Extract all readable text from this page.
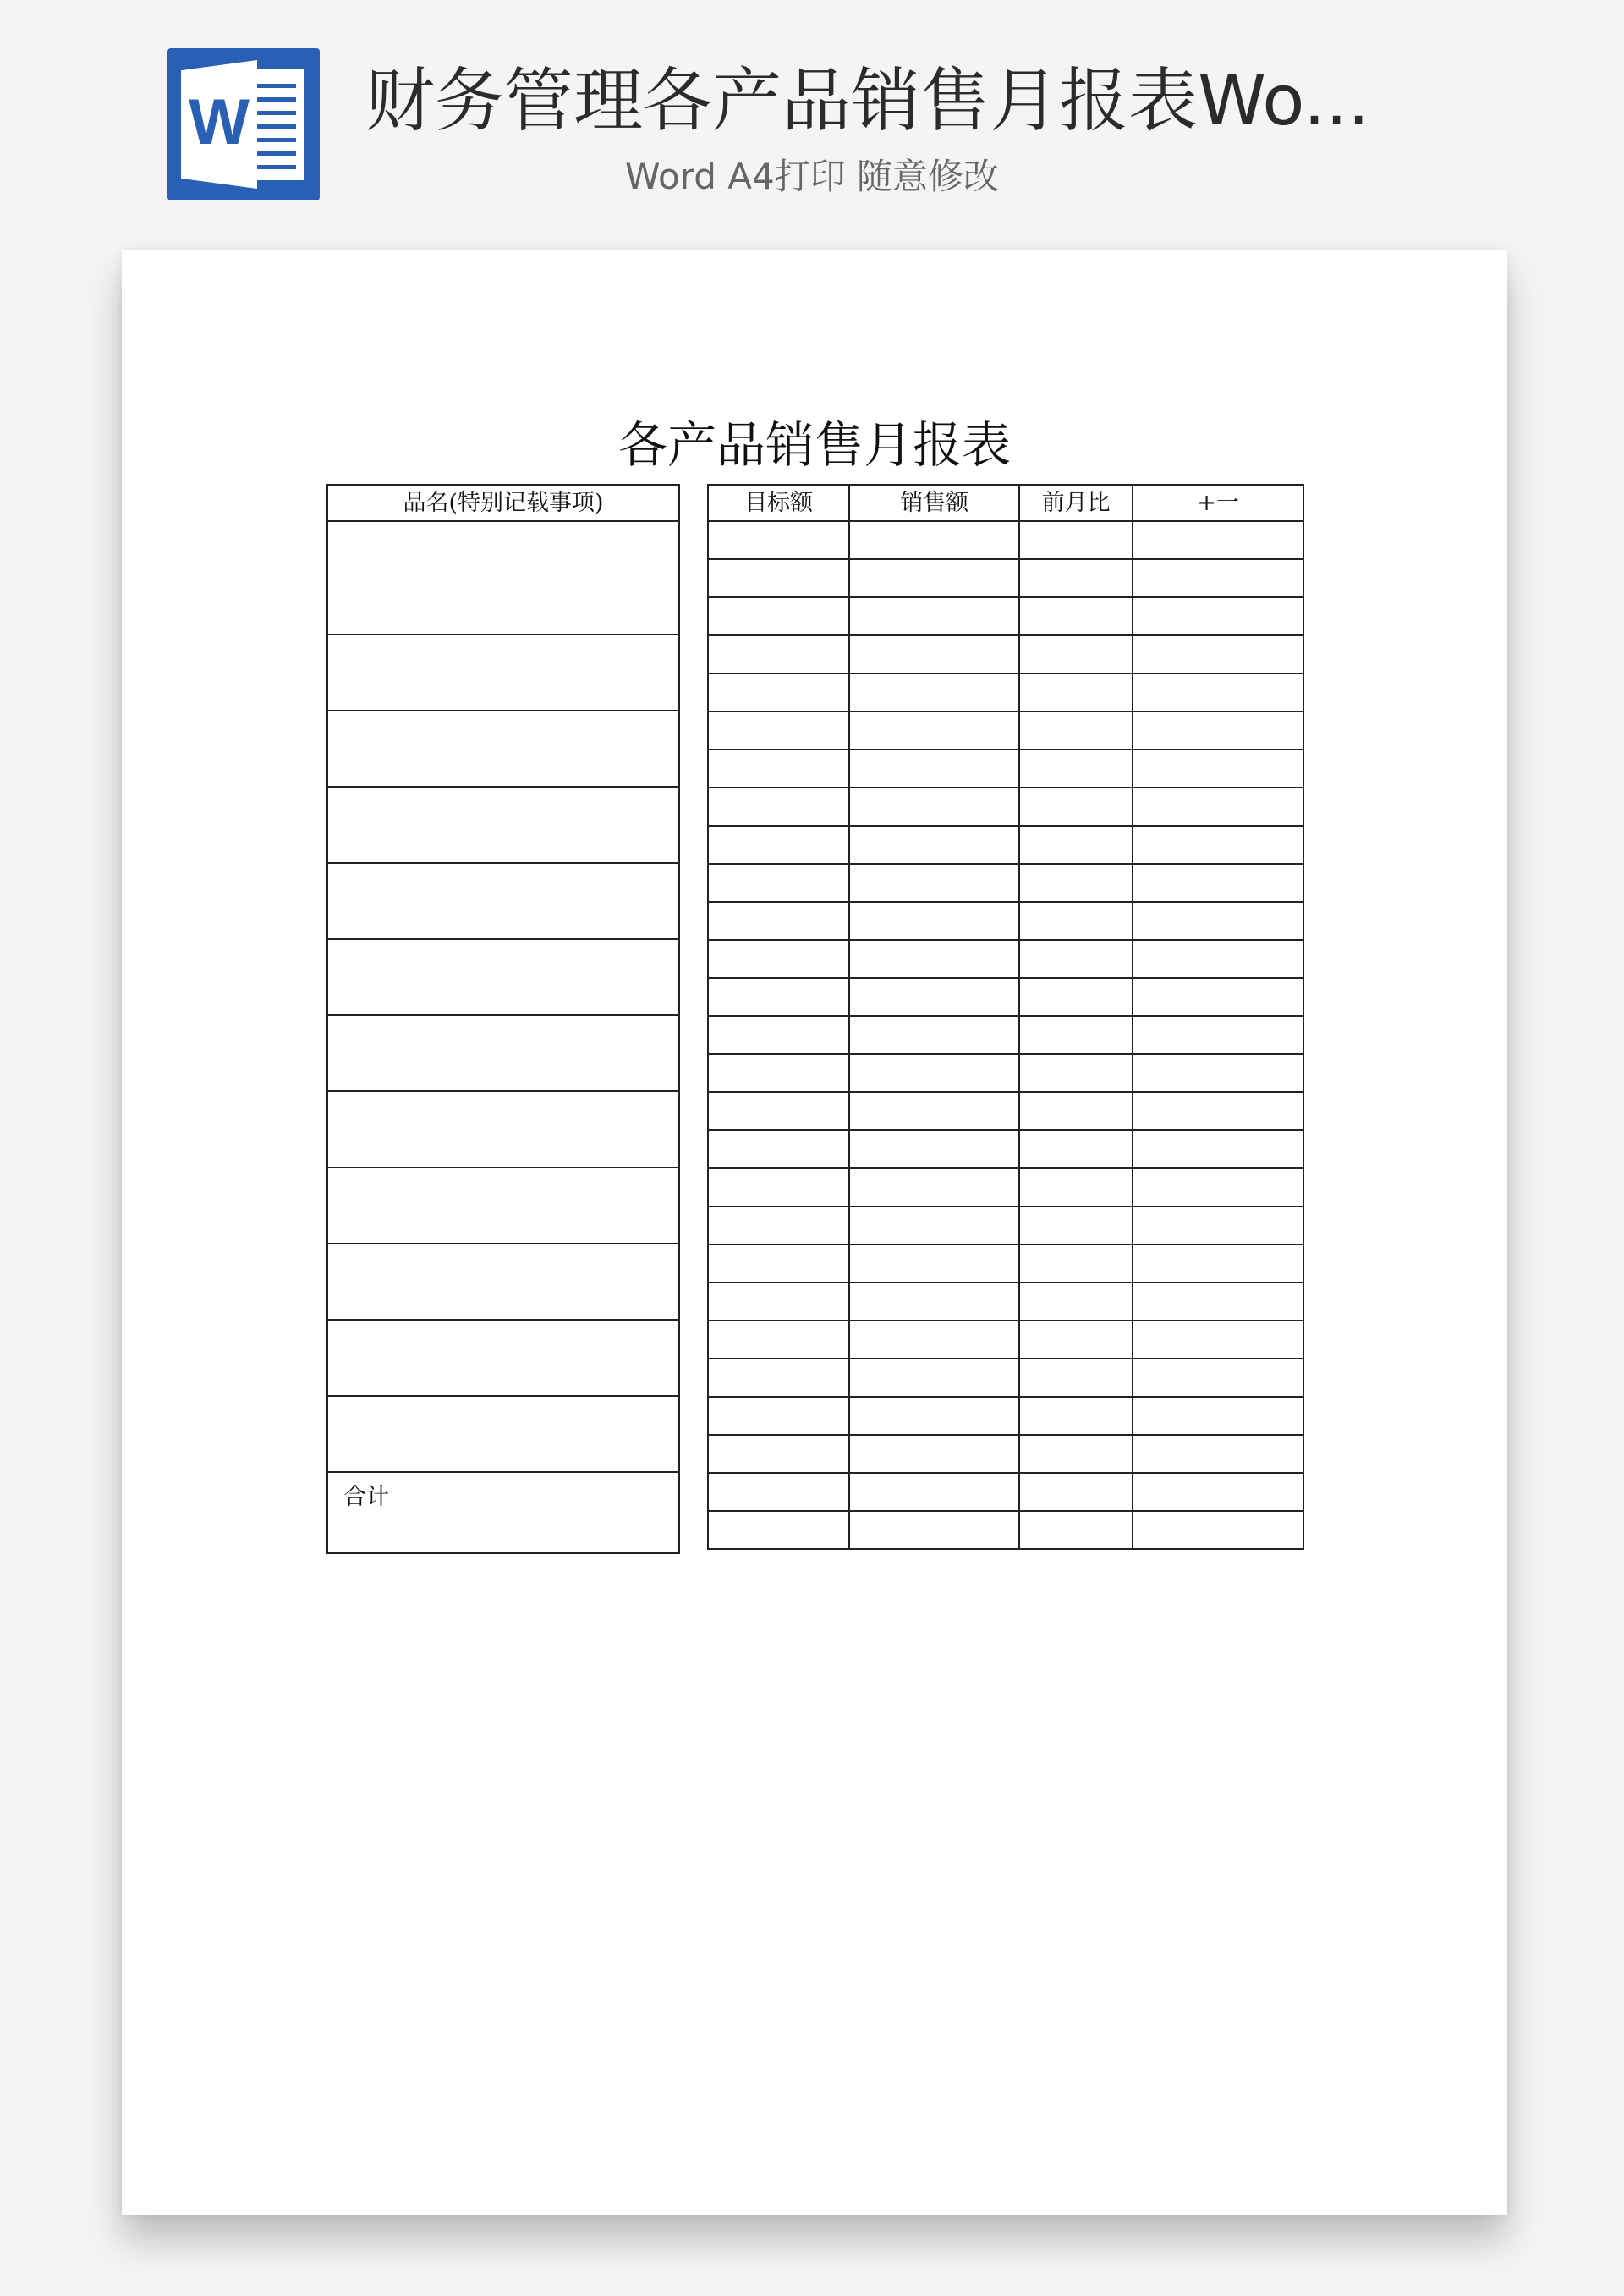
W 财务管理各产品销售月报表Wo...
Word A4打印 随意修改
各产品销售月报表
品名(特别记载事项)

合计
目标额	销售额	前月比	+一
